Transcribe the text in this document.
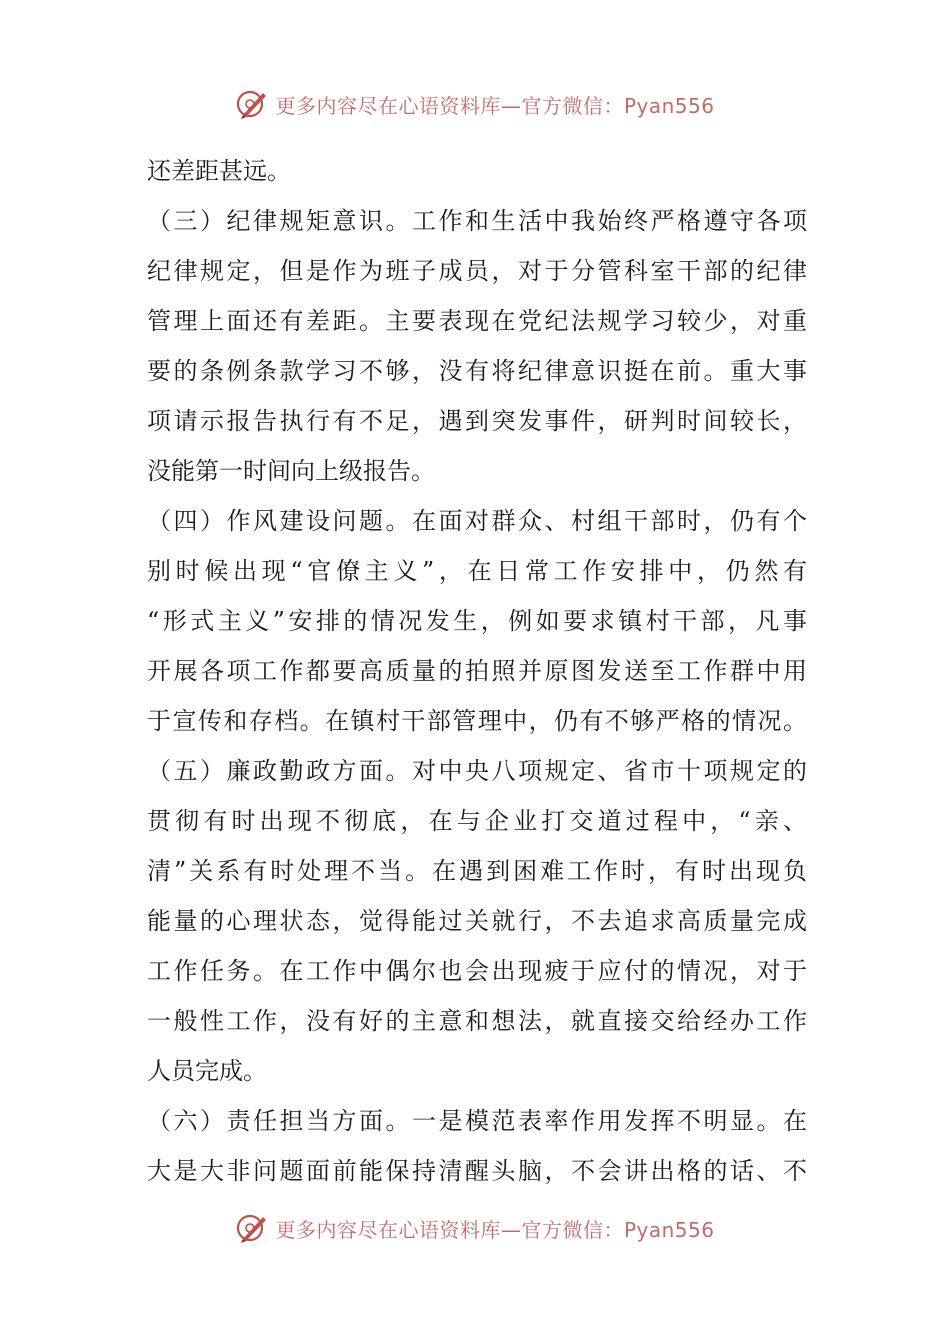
更多内容尽在心语资料库—官方微信：Pyan556
还差距甚远。
（三）纪律规矩意识。工作和生活中我始终严格遵守各项
纪律规定，但是作为班子成员，对于分管科室干部的纪律
管理上面还有差距。主要表现在党纪法规学习较少，对重
要的条例条款学习不够，没有将纪律意识挺在前。重大事
项请示报告执行有不足，遇到突发事件，研判时间较长，
没能第一时间向上级报告。
（四）作风建设问题。在面对群众、村组干部时，仍有个
别时候出现“官僚主义”，在日常工作安排中，仍然有
“形式主义”安排的情况发生，例如要求镇村干部，凡事
开展各项工作都要高质量的拍照并原图发送至工作群中用
于宣传和存档。在镇村干部管理中，仍有不够严格的情况。
（五）廉政勤政方面。对中央八项规定、省市十项规定的
贯彻有时出现不彻底，在与企业打交道过程中，“亲、
清”关系有时处理不当。在遇到困难工作时，有时出现负
能量的心理状态，觉得能过关就行，不去追求高质量完成
工作任务。在工作中偶尔也会出现疲于应付的情况，对于
一般性工作，没有好的主意和想法，就直接交给经办工作
人员完成。
（六）责任担当方面。一是模范表率作用发挥不明显。在
大是大非问题面前能保持清醒头脑，不会讲出格的话、不
更多内容尽在心语资料库—官方微信：Pyan556
